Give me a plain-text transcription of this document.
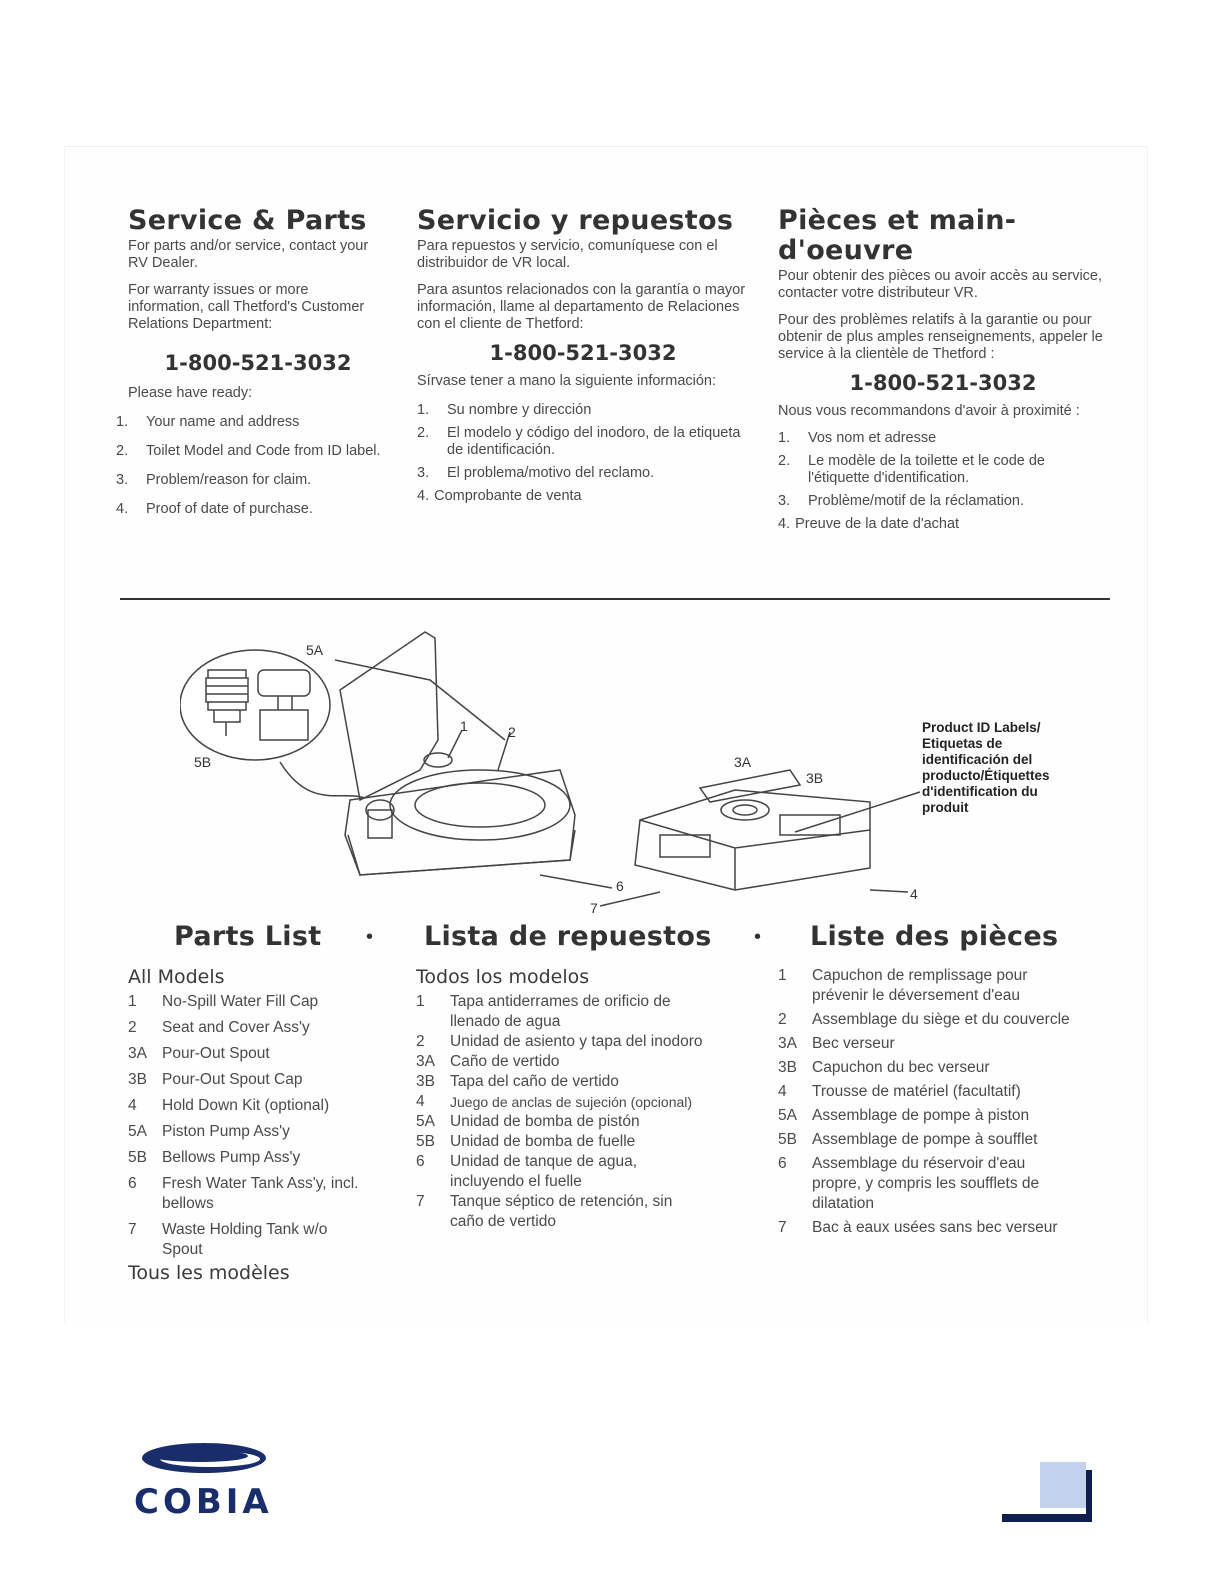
Service & Parts

For parts and/or service, contact your RV Dealer.

For warranty issues or more information, call Thetford's Customer Relations Department:

1-800-521-3032

Please have ready:

1.	Your name and address
2.	Toilet Model and Code from ID label.
3.	Problem/reason for claim.
4.	Proof of date of purchase.
Servicio y repuestos

Para repuestos y servicio, comuníquese con el distribuidor de VR local.

Para asuntos relacionados con la garantía o mayor información, llame al departamento de Relaciones con el cliente de Thetford:

1-800-521-3032

Sírvase tener a mano la siguiente información:

1.	Su nombre y dirección
2.	El modelo y código del inodoro, de la etiqueta de identificación.
3.	El problema/motivo del reclamo.
4. Comprobante de venta
Pièces et main-d'oeuvre

Pour obtenir des pièces ou avoir accès au service, contacter votre distributeur VR.

Pour des problèmes relatifs à la garantie ou pour obtenir de plus amples renseignements, appeler le service à la clientèle de Thetford :

1-800-521-3032

Nous vous recommandons d'avoir à proximité :

1.	Vos nom et adresse
2.	Le modèle de la toilette et le code de l'étiquette d'identification.
3.	Problème/motif de la réclamation.
4. Preuve de la date d'achat
5A
5B
1	2
3A
3B
6
7
4
Product ID Labels/ Etiquetas de identificación del producto/Étiquettes d'identification du produit
Parts List • Lista de repuestos • Liste des pièces
All Models
1	No-Spill Water Fill Cap
2	Seat and Cover Ass'y
3A Pour-Out Spout
3B Pour-Out Spout Cap
4	Hold Down Kit (optional)
5A Piston Pump Ass'y
5B Bellows Pump Ass'y
6	Fresh Water Tank Ass'y, incl. bellows
7	Waste Holding Tank w/o Spout
Tous les modèles
Todos los modelos
1	Tapa antiderrames de orificio de llenado de agua
2	Unidad de asiento y tapa del inodoro
3A Caño de vertido
3B Tapa del caño de vertido
4	Juego de anclas de sujeción (opcional)
5A Unidad de bomba de pistón
5B Unidad de bomba de fuelle
6	Unidad de tanque de agua, incluyendo el fuelle
7	Tanque séptico de retención, sin caño de vertido
1	Capuchon de remplissage pour prévenir le déversement d'eau
2	Assemblage du siège et du couvercle
3A Bec verseur
3B Capuchon du bec verseur
4	Trousse de matériel (facultatif)
5A Assemblage de pompe à piston
5B Assemblage de pompe à soufflet
6	Assemblage du réservoir d'eau propre, y compris les soufflets de dilatation
7	Bac à eaux usées sans bec verseur
COBIA
